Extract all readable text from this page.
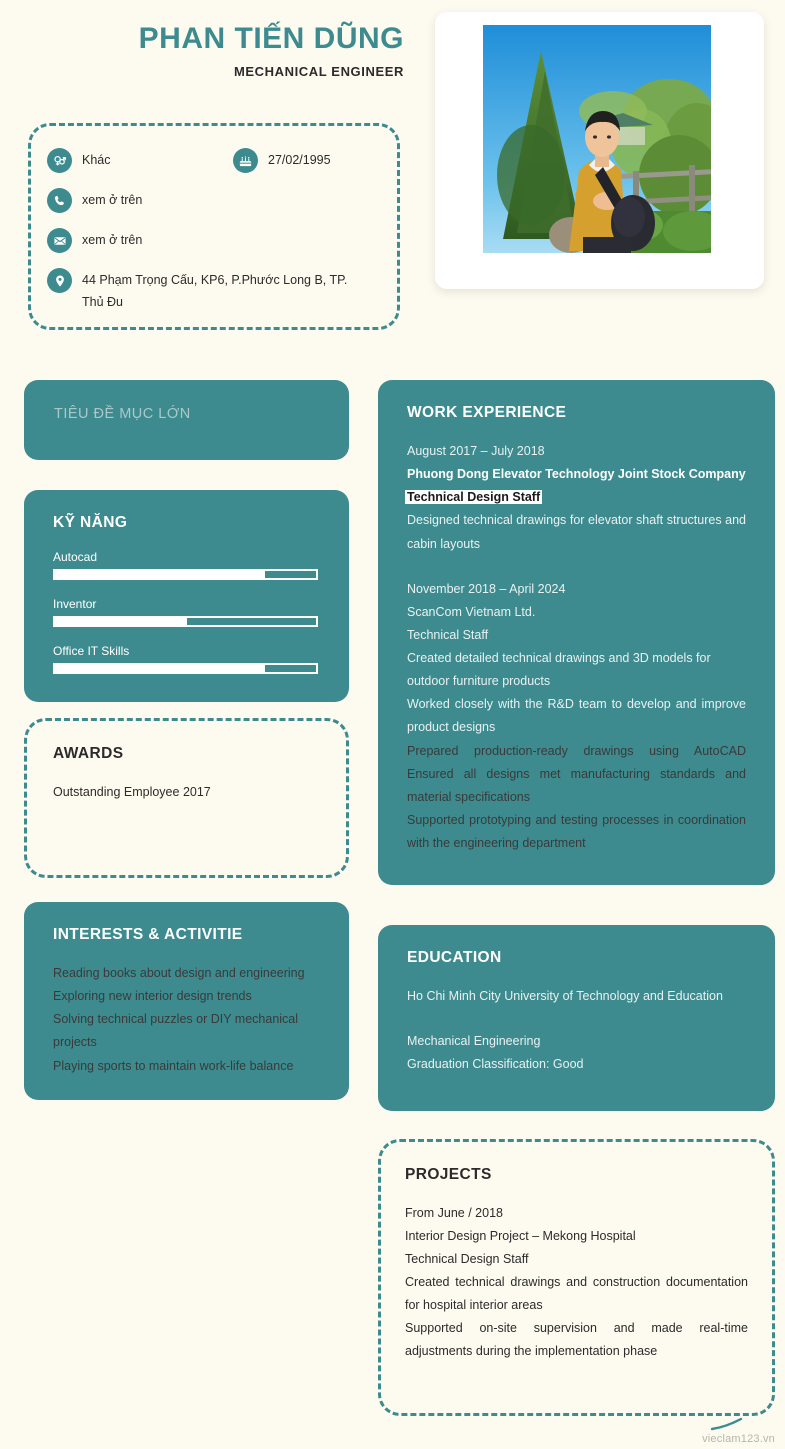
PHAN TIẾN DŨNG
MECHANICAL ENGINEER
Khác	27/02/1995
xem ở trên
xem ở trên
44 Phạm Trọng Cấu, KP6, P.Phước Long B, TP. Thủ Đu
TIÊU ĐỀ MỤC LỚN
KỸ NĂNG
Autocad
Inventor
Office IT Skills
AWARDS
Outstanding Employee 2017
INTERESTS & ACTIVITIE
Reading books about design and engineering
Exploring new interior design trends
Solving technical puzzles or DIY mechanical projects
Playing sports to maintain work-life balance
WORK EXPERIENCE
August 2017 – July 2018
Phuong Dong Elevator Technology Joint Stock Company
Technical Design Staff
Designed technical drawings for elevator shaft structures and cabin layouts
November 2018 – April 2024
ScanCom Vietnam Ltd.
Technical Staff
Created detailed technical drawings and 3D models for outdoor furniture products
Worked closely with the R&D team to develop and improve product designs
Prepared production-ready drawings using AutoCAD Ensured all designs met manufacturing standards and material specifications
Supported prototyping and testing processes in coordination with the engineering department
EDUCATION
Ho Chi Minh City University of Technology and Education
Mechanical Engineering
Graduation Classification: Good
PROJECTS
From June / 2018
Interior Design Project – Mekong Hospital
Technical Design Staff
Created technical drawings and construction documentation for hospital interior areas
Supported on-site supervision and made real-time adjustments during the implementation phase
vieclam123.vn
